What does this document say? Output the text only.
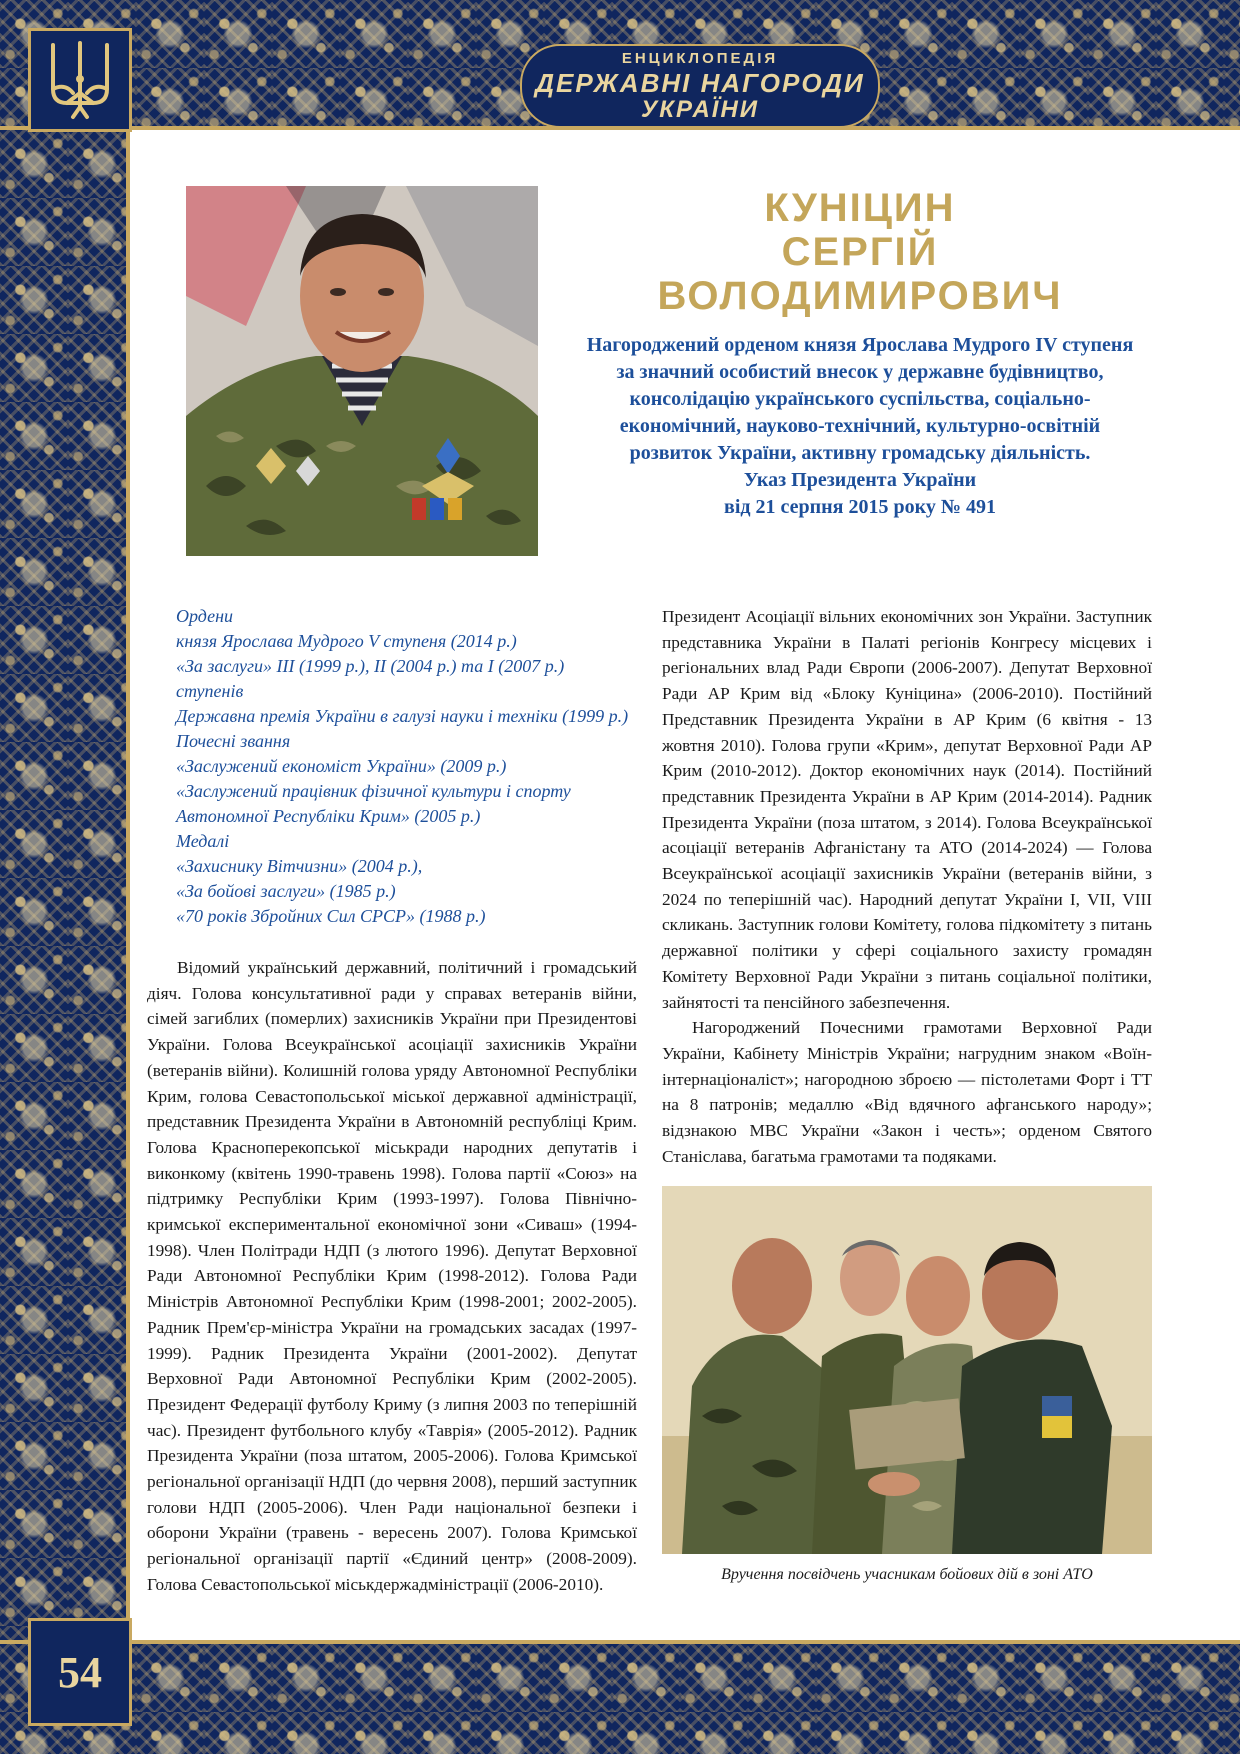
ЕНЦИКЛОПЕДІЯ
ДЕРЖАВНІ НАГОРОДИ
УКРАЇНИ
54
КУНІЦИН
СЕРГІЙ
ВОЛОДИМИРОВИЧ
Нагороджений орденом князя Ярослава Мудрого IV ступеня
за значний особистий внесок у державне будівництво,
консолідацію українського суспільства, соціально-
економічний, науково-технічний, культурно-освітній
розвиток України, активну громадську діяльність.
Указ Президента України
від 21 серпня 2015 року № 491
Ордени
князя Ярослава Мудрого V ступеня (2014 р.)
«За заслуги» III (1999 р.), II (2004 р.) та I (2007 р.)
ступенів
Державна премія України в галузі науки і техніки (1999 р.)
Почесні звання
«Заслужений економіст України» (2009 р.)
«Заслужений працівник фізичної культури і спорту
Автономної Республіки Крим» (2005 р.)
Медалі
«Захиснику Вітчизни» (2004 р.),
«За бойові заслуги» (1985 р.)
«70 років Збройних Сил СРСР» (1988 р.)

Відомий український державний, політичний і громадський діяч. Голова консультативної ради у справах ветеранів війни, сімей загиблих (померлих) захисників України при Президентові України. Голова Всеукраїнської асоціації захисників України (ветеранів війни). Колишній голова уряду Автономної Республіки Крим, голова Севастопольської міської державної адміністрації, представник Президента України в Автономній республіці Крим. Голова Красноперекопської міськради народних депутатів і виконкому (квітень 1990-травень 1998). Голова партії «Союз» на підтримку Республіки Крим (1993-1997). Голова Північно-кримської експериментальної економічної зони «Сиваш» (1994-1998). Член Політради НДП (з лютого 1996). Депутат Верховної Ради Автономної Республіки Крим (1998-2012). Голова Ради Міністрів Автономної Республіки Крим (1998-2001; 2002-2005). Радник Прем'єр-міністра України на громадських засадах (1997-1999). Радник Президента України (2001-2002). Депутат Верховної Ради Автономної Республіки Крим (2002-2005). Президент Федерації футболу Криму (з липня 2003 по теперішній час). Президент футбольного клубу «Таврія» (2005-2012). Радник Президента України (поза штатом, 2005-2006). Голова Кримської регіональної організації НДП (до червня 2008), перший заступник голови НДП (2005-2006). Член Ради національної безпеки і оборони України (травень - вересень 2007). Голова Кримської регіональної організації партії «Єдиний центр» (2008-2009). Голова Севастопольської міськдержадміністрації (2006-2010).

Президент Асоціації вільних економічних зон України. Заступник представника України в Палаті регіонів Конгресу місцевих і регіональних влад Ради Європи (2006-2007). Депутат Верховної Ради АР Крим від «Блоку Куніцина» (2006-2010). Постійний Представник Президента України в АР Крим (6 квітня - 13 жовтня 2010). Голова групи «Крим», депутат Верховної Ради АР Крим (2010-2012). Доктор економічних наук (2014). Постійний представник Президента України в АР Крим (2014-2014). Радник Президента України (поза штатом, з 2014). Голова Всеукраїнської асоціації ветеранів Афганістану та АТО (2014-2024) — Голова Всеукраїнської асоціації захисників України (ветеранів війни, з 2024 по теперішній час). Народний депутат України І, VII, VIII скликань. Заступник голови Комітету, голова підкомітету з питань державної політики у сфері соціального захисту громадян Комітету Верховної Ради України з питань соціальної політики, зайнятості та пенсійного забезпечення.

Нагороджений Почесними грамотами Верховної Ради України, Кабінету Міністрів України; нагрудним знаком «Воїн-інтернаціоналіст»; нагородною зброєю — пістолетами Форт і ТТ на 8 патронів; медаллю «Від вдячного афганського народу»; відзнакою МВС України «Закон і честь»; орденом Святого Станіслава, багатьма грамотами та подяками.

Вручення посвідчень учасникам бойових дій в зоні АТО
